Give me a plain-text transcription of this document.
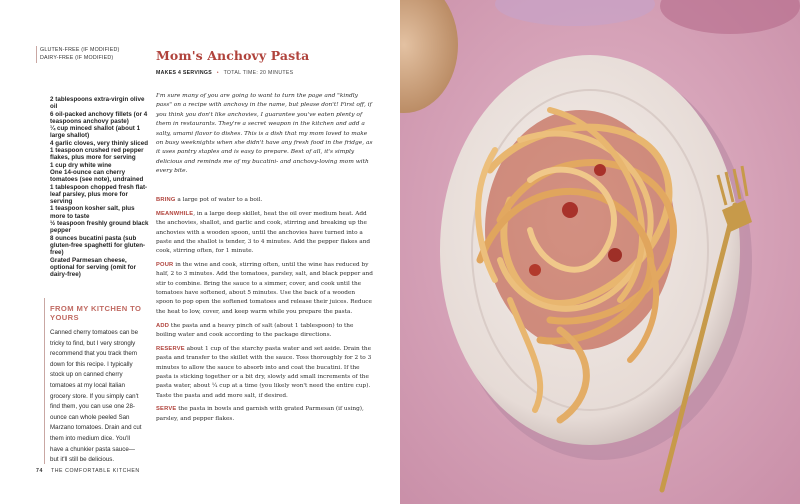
GLUTEN-FREE (IF MODIFIED)
DAIRY-FREE (IF MODIFIED)	Mom's Anchovy Pasta
MAKES 4 SERVINGS • TOTAL TIME: 20 MINUTES
2 tablespoons extra-virgin olive oil
6 oil-packed anchovy fillets (or 4 teaspoons anchovy paste)
¼ cup minced shallot (about 1 large shallot)
4 garlic cloves, very thinly sliced
1 teaspoon crushed red pepper flakes, plus more for serving
1 cup dry white wine
One 14-ounce can cherry tomatoes (see note), undrained
1 tablespoon chopped fresh flat-leaf parsley, plus more for serving
1 teaspoon kosher salt, plus more to taste
½ teaspoon freshly ground black pepper
8 ounces bucatini pasta (sub gluten-free spaghetti for gluten-free)
Grated Parmesan cheese, optional for serving (omit for dairy-free)
FROM MY KITCHEN TO YOURS
Canned cherry tomatoes can be tricky to find, but I very strongly recommend that you track them down for this recipe. I typically stock up on canned cherry tomatoes at my local Italian grocery store. If you simply can't find them, you can use one 28-ounce can whole peeled San Marzano tomatoes. Drain and cut them into medium dice. You'll have a chunkier pasta sauce—but it'll still be delicious.

I'm sure many of you are going to want to turn the page and "kindly pass" on a recipe with anchovy in the name, but please don't! First off, if you think you don't like anchovies, I guarantee you've eaten plenty of them in restaurants. They're a secret weapon in the kitchen and add a salty, umami flavor to dishes. This is a dish that my mom loved to make on busy weeknights when she didn't have any fresh food in the fridge, as it uses pantry staples and is easy to prepare. Best of all, it's simply delicious and reminds me of my bucatini- and anchovy-loving mom with every bite.

BRING a large pot of water to a boil.

MEANWHILE, in a large deep skillet, heat the oil over medium heat. Add the anchovies, shallot, and garlic and cook, stirring and breaking up the anchovies with a wooden spoon, until the anchovies have turned into a paste and the shallot is tender, 3 to 4 minutes. Add the pepper flakes and cook, stirring often, for 1 minute.

POUR in the wine and cook, stirring often, until the wine has reduced by half, 2 to 3 minutes. Add the tomatoes, parsley, salt, and black pepper and stir to combine. Bring the sauce to a simmer, cover, and cook until the tomatoes have softened, about 5 minutes. Use the back of a wooden spoon to pop open the softened tomatoes and release their juices. Reduce the heat to low, cover, and keep warm while you prepare the pasta.

ADD the pasta and a heavy pinch of salt (about 1 tablespoon) to the boiling water and cook according to the package directions.

RESERVE about 1 cup of the starchy pasta water and set aside. Drain the pasta and transfer to the skillet with the sauce. Toss thoroughly for 2 to 3 minutes to allow the sauce to absorb into and coat the bucatini. If the pasta is sticking together or a bit dry, slowly add small increments of the pasta water, about ¼ cup at a time (you likely won't need the entire cup). Taste the pasta and add more salt, if desired.

SERVE the pasta in bowls and garnish with grated Parmesan (if using), parsley, and pepper flakes.

74 THE COMFORTABLE KITCHEN
